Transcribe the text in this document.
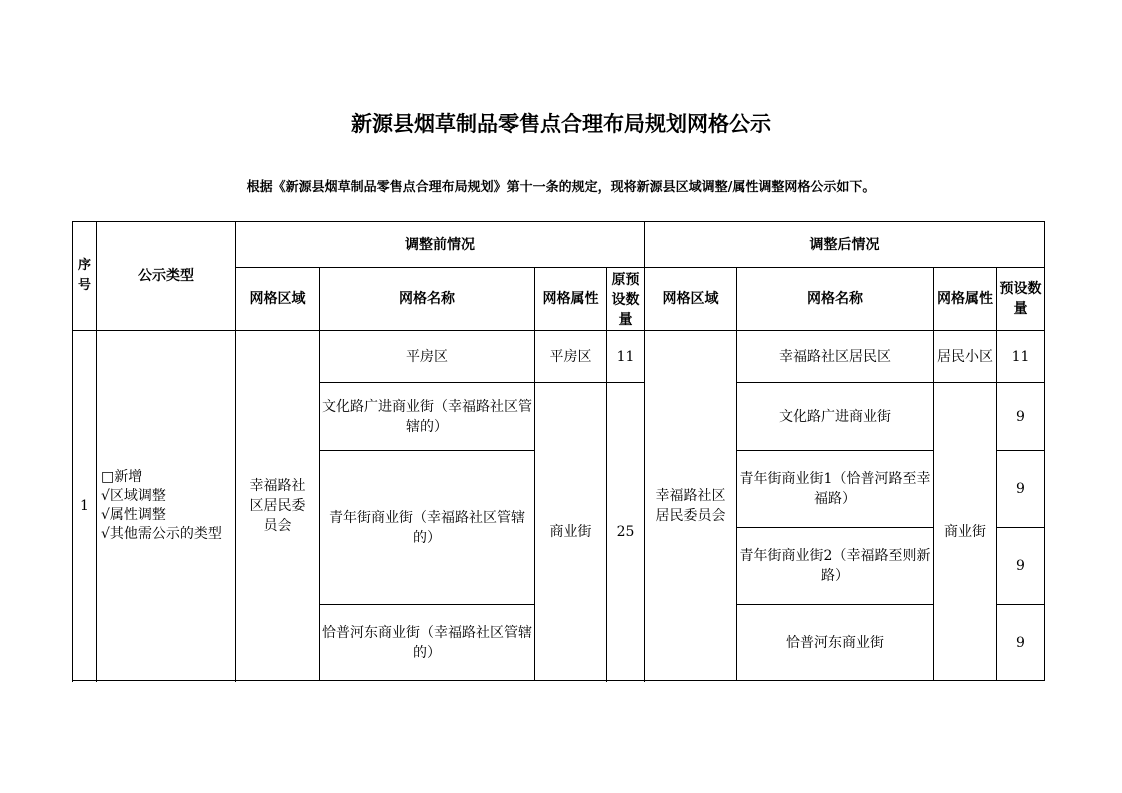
新源县烟草制品零售点合理布局规划网格公示
根据《新源县烟草制品零售点合理布局规划》第十一条的规定，现将新源县区域调整/属性调整网格公示如下。
序号	公示类型	调整前情况				调整后情况			
		网格区域	网格名称	网格属性	原预设数量	网格区域	网格名称	网格属性	预设数量
1	□新增
√区域调整
√属性调整
√其他需公示的类型	幸福路社区居民委员会	平房区	平房区	11	幸福路社区居民委员会	幸福路社区居民区	居民小区	11
			文化路广进商业街（幸福路社区管辖的）	商业街	25		文化路广进商业街	商业街	9
			青年街商业街（幸福路社区管辖的）				青年街商业街1（恰普河路至幸福路）		9

							青年街商业街2（幸福路至则新路）		9
			恰普河东商业街（幸福路社区管辖的）				恰普河东商业街		9
